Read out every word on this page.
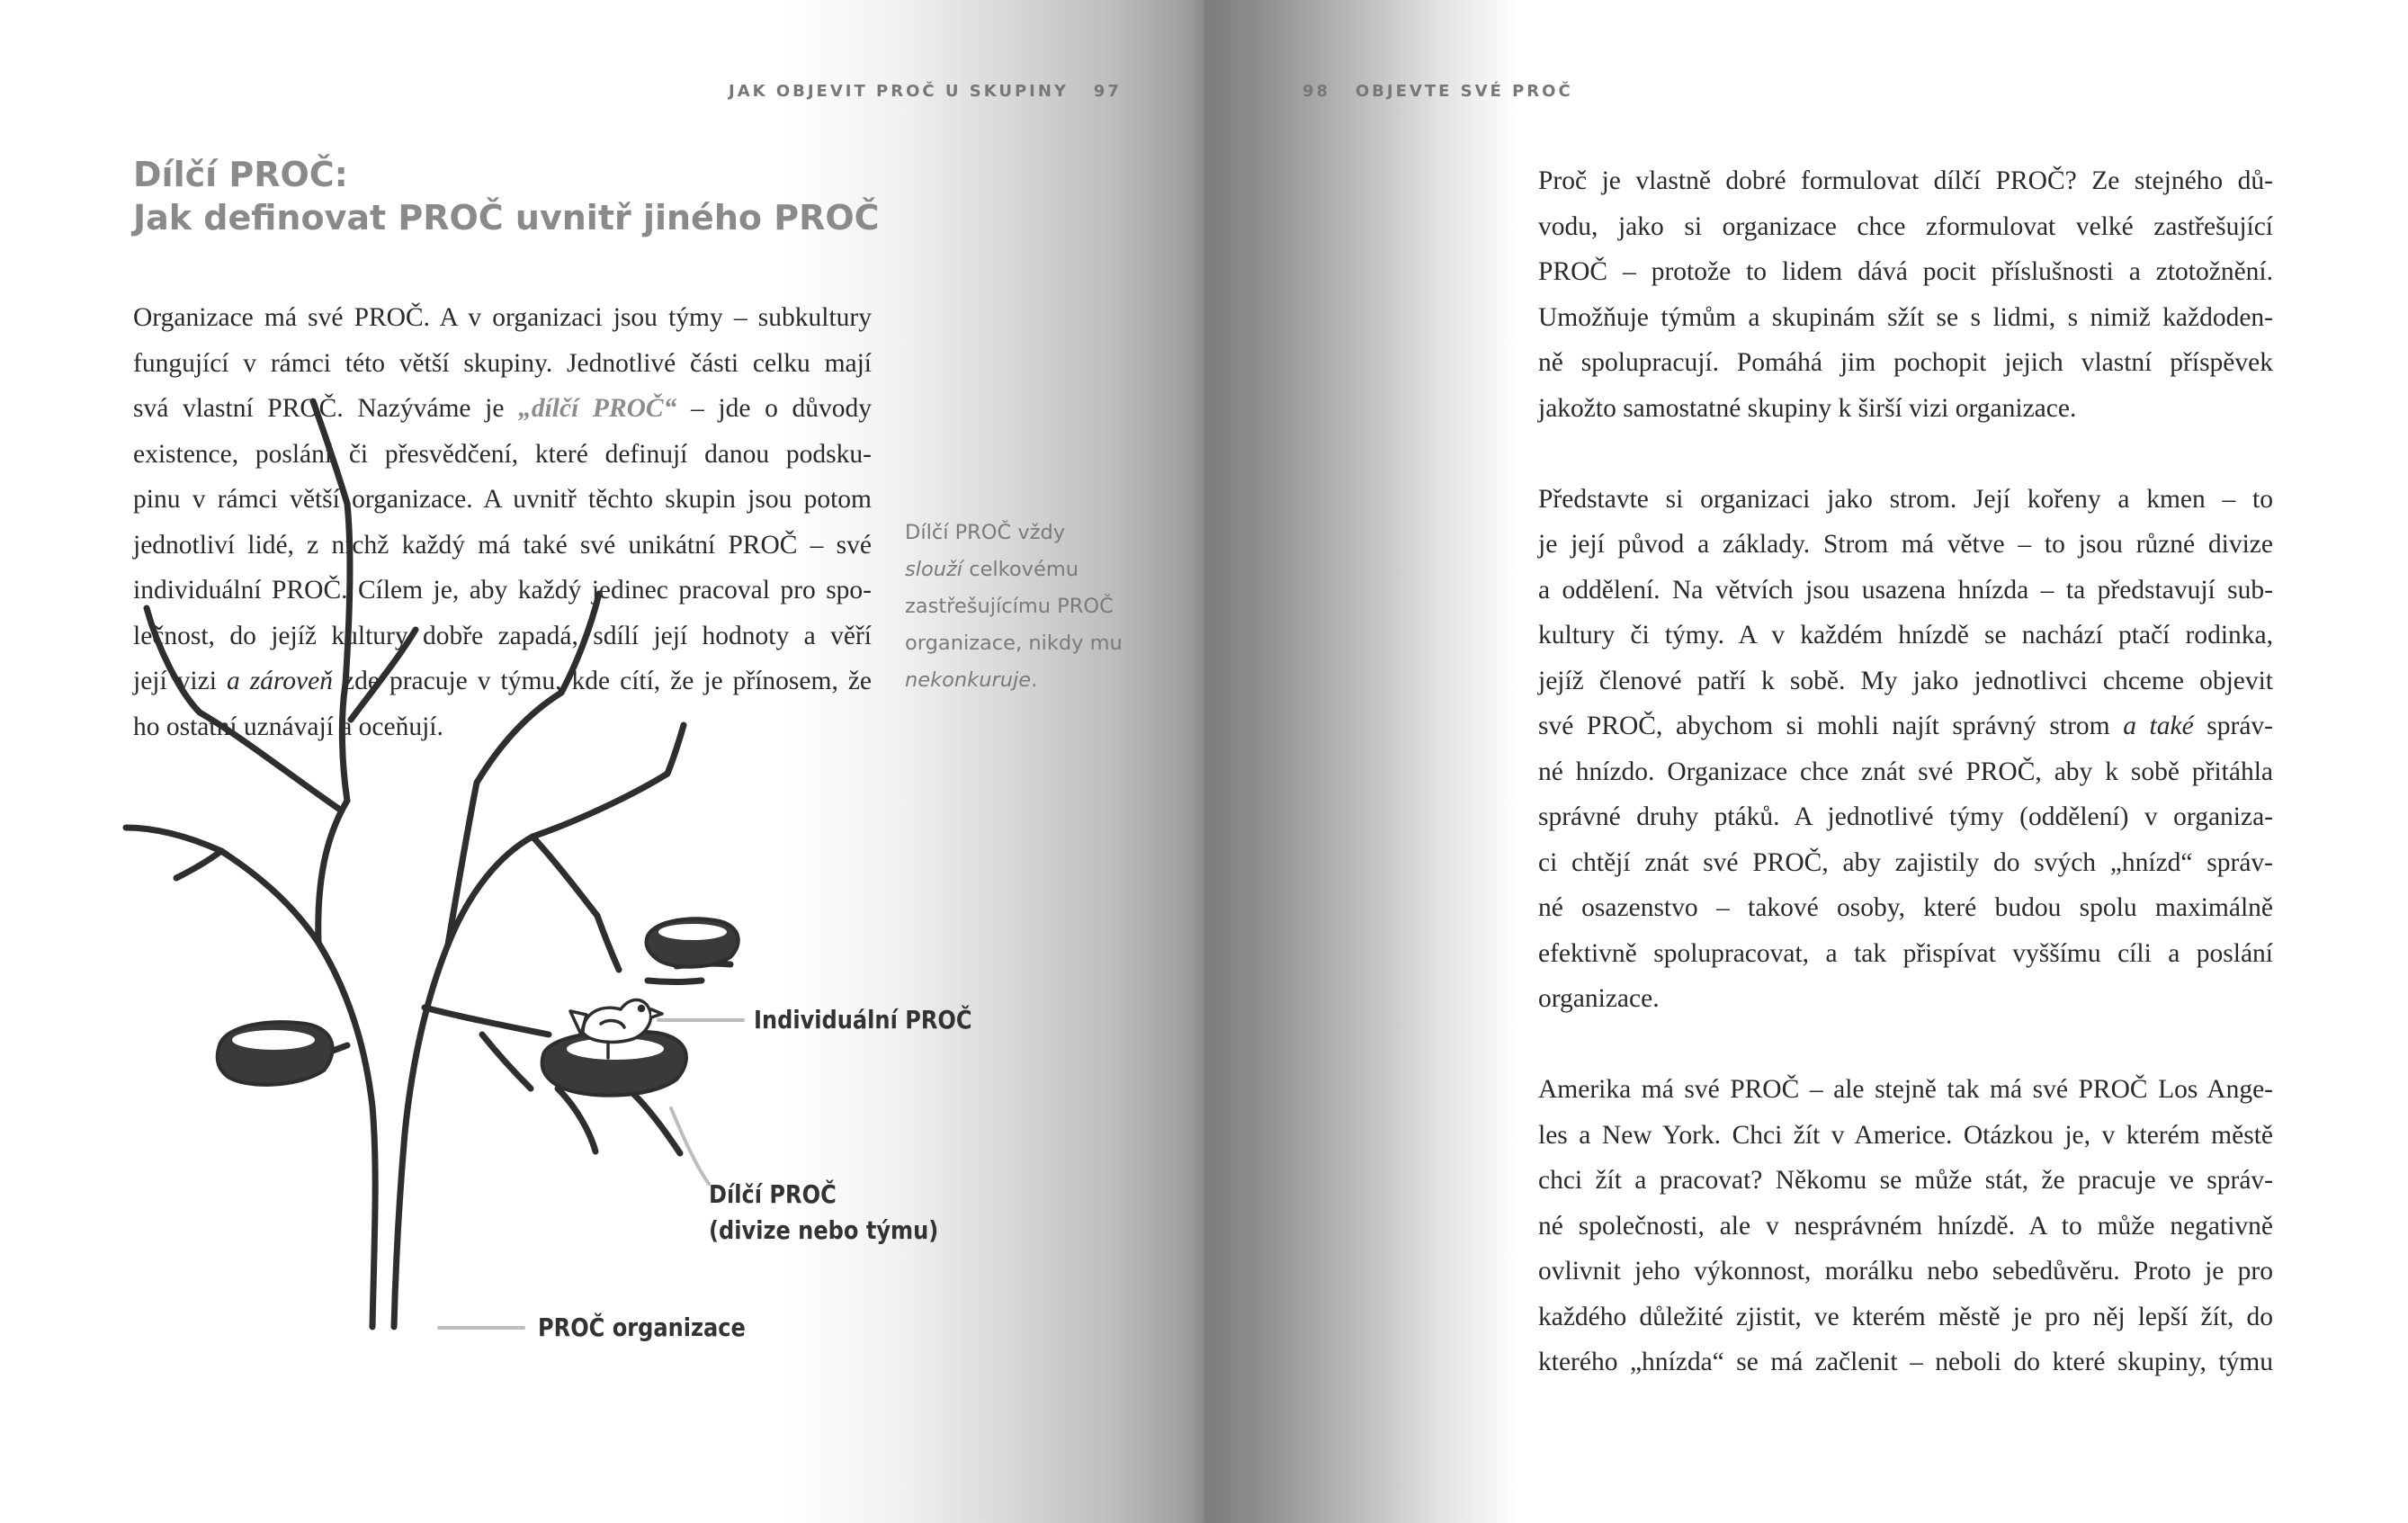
JAK OBJEVIT PROČ U SKUPINY 97	98 OBJEVTE SVÉ PROČ
Dílčí PROČ:
Jak definovat PROČ uvnitř jiného PROČ
Organizace má své PROČ. A v organizaci jsou týmy – subkultury
fungující v rámci této větší skupiny. Jednotlivé části celku mají
svá vlastní PROČ. Nazýváme je „dílčí PROČ“ – jde o důvody
existence, poslání či přesvědčení, které definují danou podsku-
pinu v rámci větší organizace. A uvnitř těchto skupin jsou potom
jednotliví lidé, z nichž každý má také své unikátní PROČ – své
individuální PROČ. Cílem je, aby každý jedinec pracoval pro spo-
lečnost, do jejíž kultury dobře zapadá, sdílí její hodnoty a věří
její vizi a zároveň zde pracuje v týmu, kde cítí, že je přínosem, že
ho ostatní uznávají a oceňují.
Dílčí PROČ vždy
slouží celkovému
zastřešujícímu PROČ
organizace, nikdy mu
nekonkuruje.
Individuální PROČ
Dílčí PROČ
(divize nebo týmu)
PROČ organizace
Proč je vlastně dobré formulovat dílčí PROČ? Ze stejného dů-
vodu, jako si organizace chce zformulovat velké zastřešující
PROČ – protože to lidem dává pocit příslušnosti a ztotožnění.
Umožňuje týmům a skupinám sžít se s lidmi, s nimiž každoden-
ně spolupracují. Pomáhá jim pochopit jejich vlastní příspěvek
jakožto samostatné skupiny k širší vizi organizace.
Představte si organizaci jako strom. Její kořeny a kmen – to
je její původ a základy. Strom má větve – to jsou různé divize
a oddělení. Na větvích jsou usazena hnízda – ta představují sub-
kultury či týmy. A v každém hnízdě se nachází ptačí rodinka,
jejíž členové patří k sobě. My jako jednotlivci chceme objevit
své PROČ, abychom si mohli najít správný strom a také správ-
né hnízdo. Organizace chce znát své PROČ, aby k sobě přitáhla
správné druhy ptáků. A jednotlivé týmy (oddělení) v organiza-
ci chtějí znát své PROČ, aby zajistily do svých „hnízd“ správ-
né osazenstvo – takové osoby, které budou spolu maximálně
efektivně spolupracovat, a tak přispívat vyššímu cíli a poslání
organizace.
Amerika má své PROČ – ale stejně tak má své PROČ Los Ange-
les a New York. Chci žít v Americe. Otázkou je, v kterém městě
chci žít a pracovat? Někomu se může stát, že pracuje ve správ-
né společnosti, ale v nesprávném hnízdě. A to může negativně
ovlivnit jeho výkonnost, morálku nebo sebedůvěru. Proto je pro
každého důležité zjistit, ve kterém městě je pro něj lepší žít, do
kterého „hnízda“ se má začlenit – neboli do které skupiny, týmu
